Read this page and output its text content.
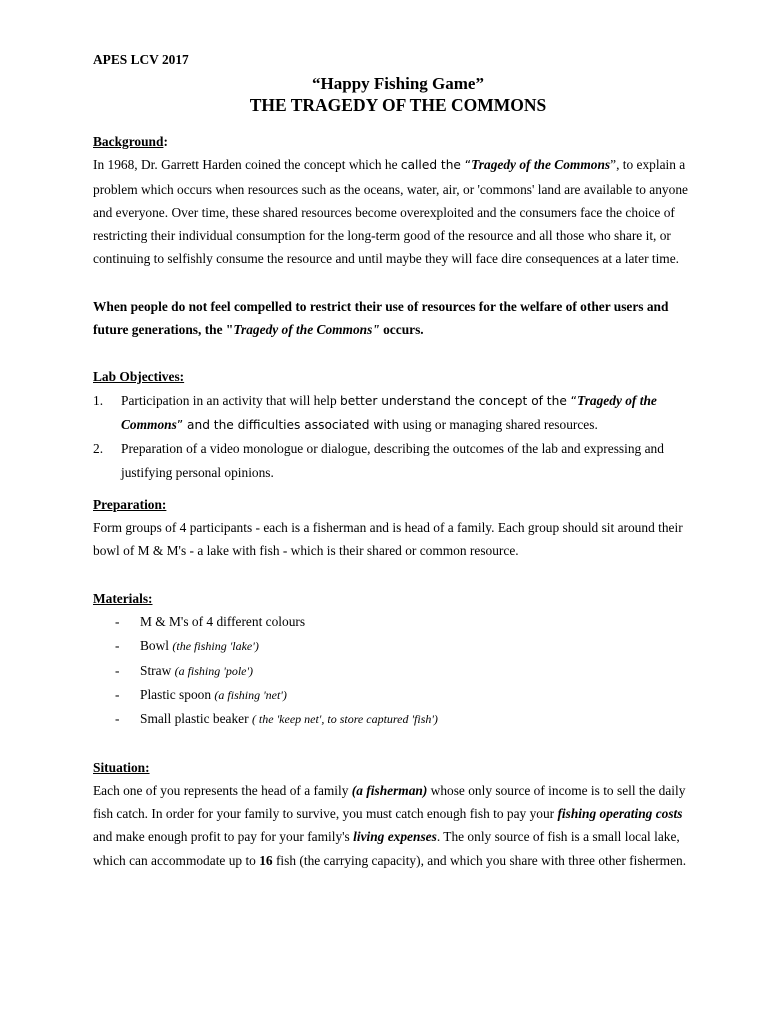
APES LCV 2017
“Happy Fishing Game”
THE TRAGEDY OF THE COMMONS
Background:

In 1968, Dr. Garrett Harden coined the concept which he called the “Tragedy of the Commons”, to explain a problem which occurs when resources such as the oceans, water, air, or 'commons' land are available to anyone and everyone. Over time, these shared resources become overexploited and the consumers face the choice of restricting their individual consumption for the long-term good of the resource and all those who share it, or continuing to selfishly consume the resource and until maybe they will face dire consequences at a later time.

When people do not feel compelled to restrict their use of resources for the welfare of other users and future generations, the "Tragedy of the Commons" occurs.

Lab Objectives:
1. Participation in an activity that will help better understand the concept of the “Tragedy of the Commons” and the difficulties associated with using or managing shared resources.
2. Preparation of a video monologue or dialogue, describing the outcomes of the lab and expressing and justifying personal opinions.
Preparation:

Form groups of 4 participants - each is a fisherman and is head of a family. Each group should sit around their bowl of M & M's - a lake with fish - which is their shared or common resource.

Materials:
- M & M's of 4 different colours
- Bowl (the fishing 'lake')
- Straw (a fishing 'pole')
- Plastic spoon (a fishing 'net')
- Small plastic beaker ( the 'keep net', to store captured 'fish')
Situation:

Each one of you represents the head of a family (a fisherman) whose only source of income is to sell the daily fish catch. In order for your family to survive, you must catch enough fish to pay your fishing operating costs and make enough profit to pay for your family's living expenses. The only source of fish is a small local lake, which can accommodate up to 16 fish (the carrying capacity), and which you share with three other fishermen.
